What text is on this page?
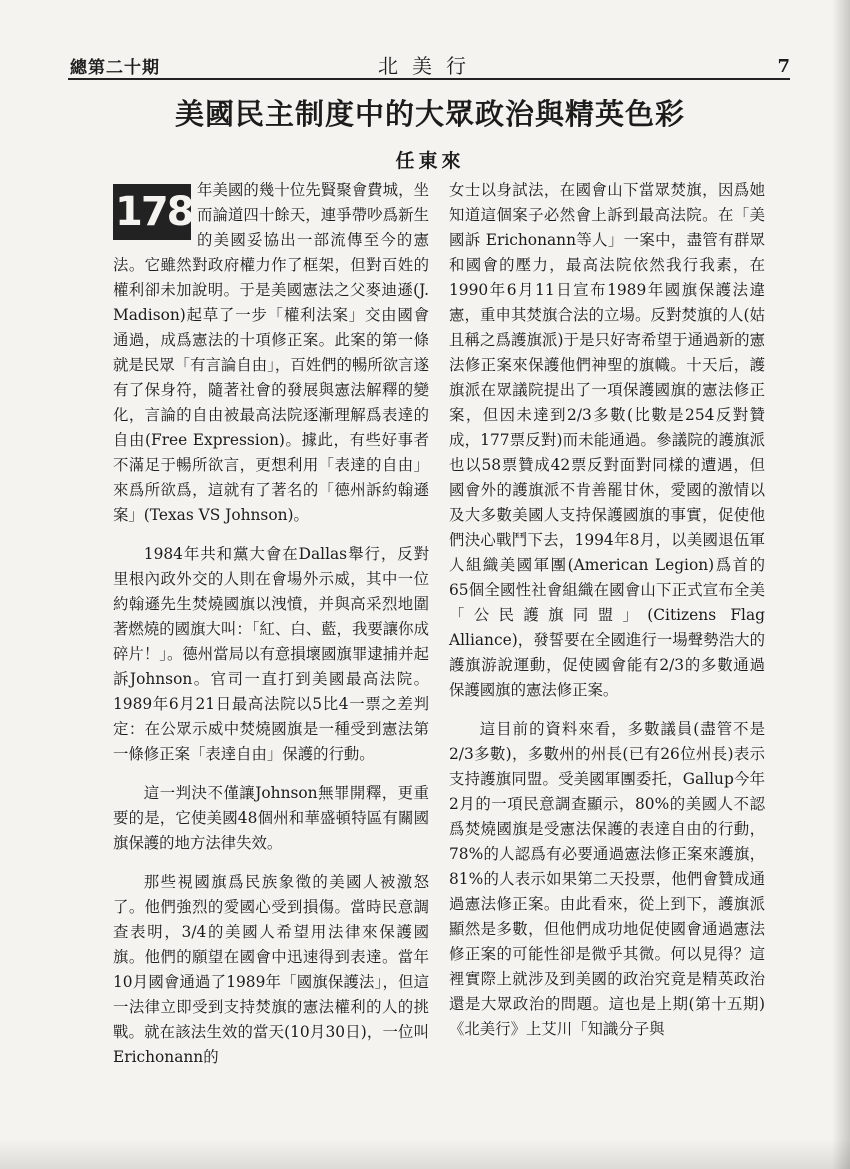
總第二十期	北美行	7
美國民主制度中的大眾政治與精英色彩
任東來

1787
年美國的幾十位先賢聚會費城，坐而論道四十餘天，連爭帶吵爲新生的美國妥協出一部流傳至今的憲法。它雖然對政府權力作了框架，但對百姓的權利卻未加說明。于是美國憲法之父麥迪遜(J. Madison)起草了一步「權利法案」交由國會通過，成爲憲法的十項修正案。此案的第一條就是民眾「有言論自由」，百姓們的暢所欲言遂有了保身符，隨著社會的發展與憲法解釋的變化，言論的自由被最高法院逐漸理解爲表達的自由(Free Expression)。據此，有些好事者不滿足于暢所欲言，更想利用「表達的自由」來爲所欲爲，這就有了著名的「德州訴約翰遜案」(Texas VS Johnson)。

1984年共和黨大會在Dallas舉行，反對里根內政外交的人則在會場外示威，其中一位約翰遜先生焚燒國旗以洩憤，并與高采烈地圍著燃燒的國旗大叫：「紅、白、藍，我要讓你成碎片！」。德州當局以有意損壞國旗罪逮捕并起訴Johnson。官司一直打到美國最高法院。1989年6月21日最高法院以5比4一票之差判定：在公眾示威中焚燒國旗是一種受到憲法第一條修正案「表達自由」保護的行動。

這一判決不僅讓Johnson無罪開釋，更重要的是，它使美國48個州和華盛頓特區有關國旗保護的地方法律失效。

那些視國旗爲民族象徵的美國人被激怒了。他們強烈的愛國心受到損傷。當時民意調查表明，3/4的美國人希望用法律來保護國旗。他們的願望在國會中迅速得到表達。當年10月國會通過了1989年「國旗保護法」，但這一法律立即受到支持焚旗的憲法權利的人的挑戰。就在該法生效的當天(10月30日)，一位叫Erichonann的

女士以身試法，在國會山下當眾焚旗，因爲她知道這個案子必然會上訴到最高法院。在「美國訴 Erichonann等人」一案中，盡管有群眾和國會的壓力，最高法院依然我行我素，在1990年6月11日宣布1989年國旗保護法違憲，重申其焚旗合法的立場。反對焚旗的人(姑且稱之爲護旗派)于是只好寄希望于通過新的憲法修正案來保護他們神聖的旗幟。十天后，護旗派在眾議院提出了一項保護國旗的憲法修正案，但因未達到2/3多數(比數是254反對贊成，177票反對)而未能通過。參議院的護旗派也以58票贊成42票反對面對同樣的遭遇，但國會外的護旗派不肯善罷甘休，愛國的激情以及大多數美國人支持保護國旗的事實，促使他們決心戰鬥下去，1994年8月，以美國退伍軍人組織美國軍團(American Legion)爲首的65個全國性社會組織在國會山下正式宣布全美「公民護旗同盟」(Citizens Flag Alliance)，發誓要在全國進行一場聲勢浩大的護旗游說運動，促使國會能有2/3的多數通過保護國旗的憲法修正案。

這目前的資料來看，多數議員(盡管不是2/3多數)，多數州的州長(已有26位州長)表示支持護旗同盟。受美國軍團委托，Gallup今年2月的一項民意調查顯示，80%的美國人不認爲焚燒國旗是受憲法保護的表達自由的行動，78%的人認爲有必要通過憲法修正案來護旗，81%的人表示如果第二天投票，他們會贊成通過憲法修正案。由此看來，從上到下，護旗派顯然是多數，但他們成功地促使國會通過憲法修正案的可能性卻是微乎其微。何以見得？這裡實際上就涉及到美國的政治究竟是精英政治還是大眾政治的問題。這也是上期(第十五期)《北美行》上艾川「知識分子與
